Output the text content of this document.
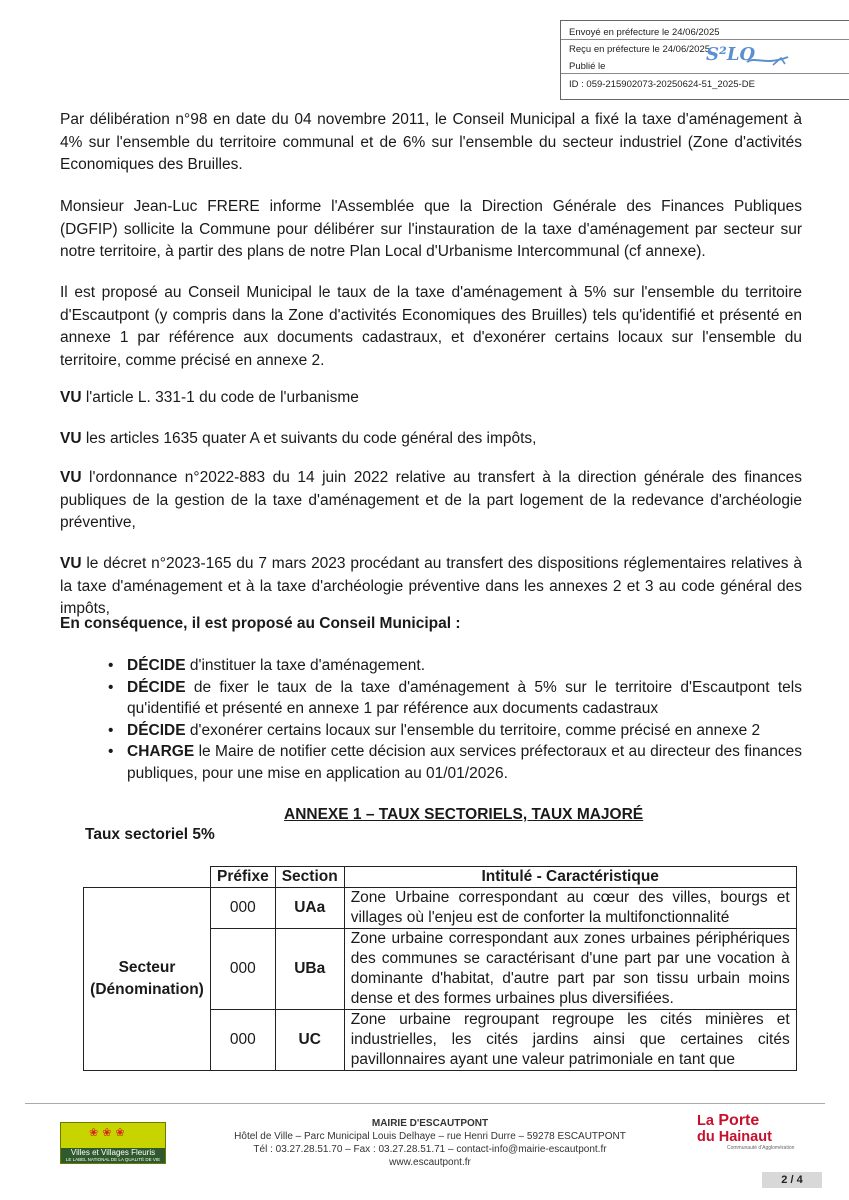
Envoyé en préfecture le 24/06/2025
Reçu en préfecture le 24/06/2025
Publié le
ID : 059-215902073-20250624-51_2025-DE
S²LO

Par délibération n°98 en date du 04 novembre 2011, le Conseil Municipal a fixé la taxe d'aménagement à 4% sur l'ensemble du territoire communal et de 6% sur l'ensemble du secteur industriel (Zone d'activités Economiques des Bruilles.

Monsieur Jean-Luc FRERE informe l'Assemblée que la Direction Générale des Finances Publiques (DGFIP) sollicite la Commune pour délibérer sur l'instauration de la taxe d'aménagement par secteur sur notre territoire, à partir des plans de notre Plan Local d'Urbanisme Intercommunal (cf annexe).

Il est proposé au Conseil Municipal le taux de la taxe d'aménagement à 5% sur l'ensemble du territoire d'Escautpont (y compris dans la Zone d'activités Economiques des Bruilles) tels qu'identifié et présenté en annexe 1 par référence aux documents cadastraux, et d'exonérer certains locaux sur l'ensemble du territoire, comme précisé en annexe 2.

VU l'article L. 331-1 du code de l'urbanisme

VU les articles 1635 quater A et suivants du code général des impôts,

VU l'ordonnance n°2022-883 du 14 juin 2022 relative au transfert à la direction générale des finances publiques de la gestion de la taxe d'aménagement et de la part logement de la redevance d'archéologie préventive,

VU le décret n°2023-165 du 7 mars 2023 procédant au transfert des dispositions réglementaires relatives à la taxe d'aménagement et à la taxe d'archéologie préventive dans les annexes 2 et 3 au code général des impôts,

En conséquence, il est proposé au Conseil Municipal :

• DÉCIDE d'instituer la taxe d'aménagement.
• DÉCIDE de fixer le taux de la taxe d'aménagement à 5% sur le territoire d'Escautpont tels qu'identifié et présenté en annexe 1 par référence aux documents cadastraux
• DÉCIDE d'exonérer certains locaux sur l'ensemble du territoire, comme précisé en annexe 2
• CHARGE le Maire de notifier cette décision aux services préfectoraux et au directeur des finances publiques, pour une mise en application au 01/01/2026.
ANNEXE 1 – TAUX SECTORIELS, TAUX MAJORÉ
Taux sectoriel 5%
	Préfixe	Section	Intitulé - Caractéristique
Secteur
(Dénomination)	000	UAa	Zone Urbaine correspondant au cœur des villes, bourgs et villages où l'enjeu est de conforter la multifonctionnalité
	000	UBa	Zone urbaine correspondant aux zones urbaines périphériques des communes se caractérisant d'une part par une vocation à dominante d'habitat, d'autre part par son tissu urbain moins dense et des formes urbaines plus diversifiées.
	000	UC	Zone urbaine regroupant regroupe les cités minières et industrielles, les cités jardins ainsi que certaines cités pavillonnaires ayant une valeur patrimoniale en tant que
❀❀❀
Villes et Villages Fleuris
LE LABEL NATIONAL DE LA QUALITÉ DE VIE
MAIRIE D'ESCAUTPONT
Hôtel de Ville – Parc Municipal Louis Delhaye – rue Henri Durre – 59278 ESCAUTPONT
Tél : 03.27.28.51.70 – Fax : 03.27.28.51.71 – contact-info@mairie-escautpont.fr
www.escautpont.fr
La Porte
du Hainaut
Communauté d'Agglomération
2 / 4
